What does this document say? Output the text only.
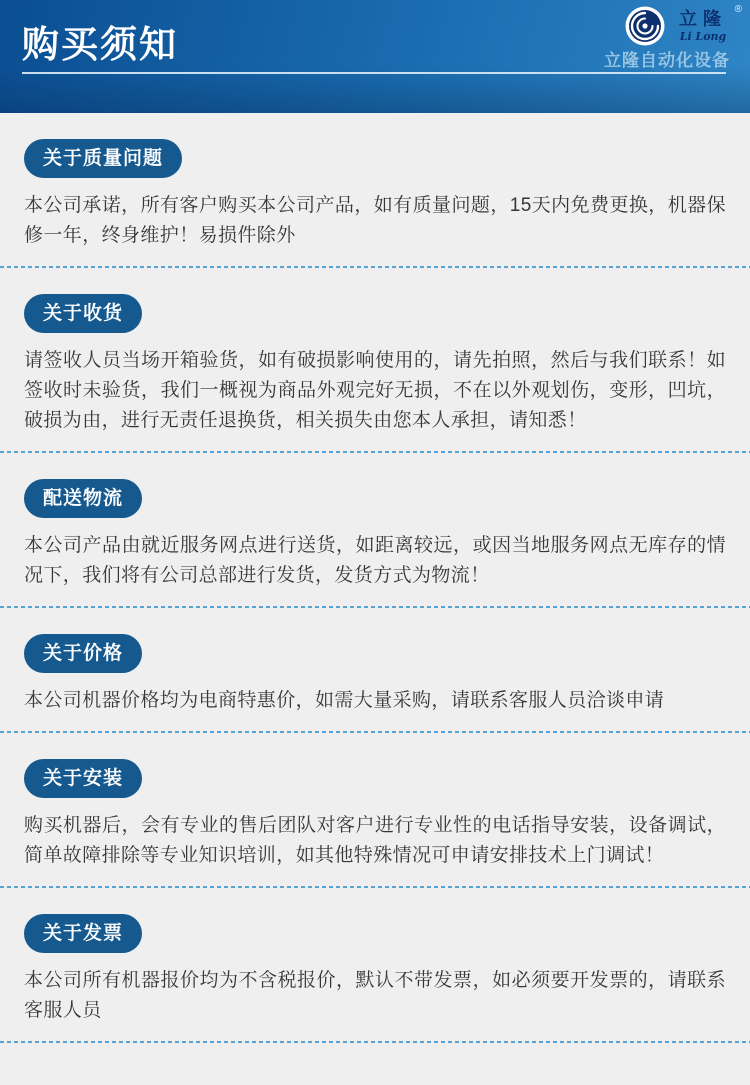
购买须知
立隆
Li Long
®
立隆自动化设备
关于质量问题
本公司承诺，所有客户购买本公司产品，如有质量问题，15天内免费更换，机器保修一年，终身维护！易损件除外
关于收货
请签收人员当场开箱验货，如有破损影响使用的，请先拍照，然后与我们联系！如签收时未验货，我们一概视为商品外观完好无损，不在以外观划伤，变形，凹坑，破损为由，进行无责任退换货，相关损失由您本人承担，请知悉！
配送物流
本公司产品由就近服务网点进行送货，如距离较远，或因当地服务网点无库存的情况下，我们将有公司总部进行发货，发货方式为物流！
关于价格
本公司机器价格均为电商特惠价，如需大量采购，请联系客服人员洽谈申请
关于安装
购买机器后，会有专业的售后团队对客户进行专业性的电话指导安装，设备调试，简单故障排除等专业知识培训，如其他特殊情况可申请安排技术上门调试！
关于发票
本公司所有机器报价均为不含税报价，默认不带发票，如必须要开发票的，请联系客服人员
